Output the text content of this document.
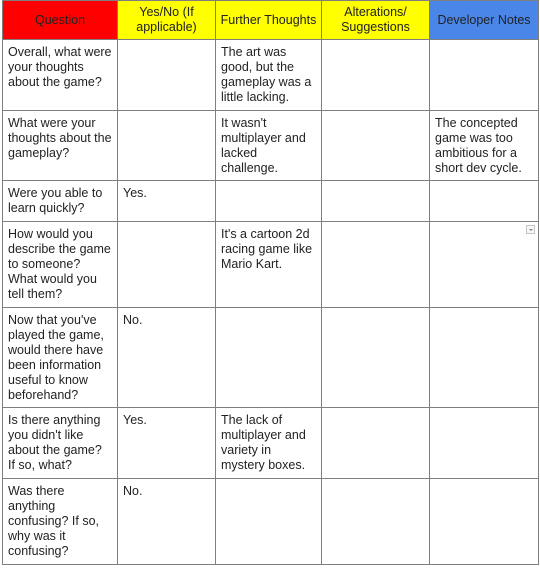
Question	Yes/No (If applicable)	Further Thoughts	Alterations/ Suggestions	Developer Notes
Overall, what were your thoughts about the game?		The art was good, but the gameplay was a little lacking.		
What were your thoughts about the gameplay?		It wasn't multiplayer and lacked challenge.		The concepted game was too ambitious for a short dev cycle.
Were you able to learn quickly?	Yes.			
How would you describe the game to someone? What would you tell them?		It's a cartoon 2d racing game like Mario Kart.		

Now that you've played the game, would there have been information useful to know beforehand?	No.			
Is there anything you didn't like about the game? If so, what?	Yes.	The lack of multiplayer and variety in mystery boxes.		
Was there anything confusing? If so, why was it confusing?	No.			
